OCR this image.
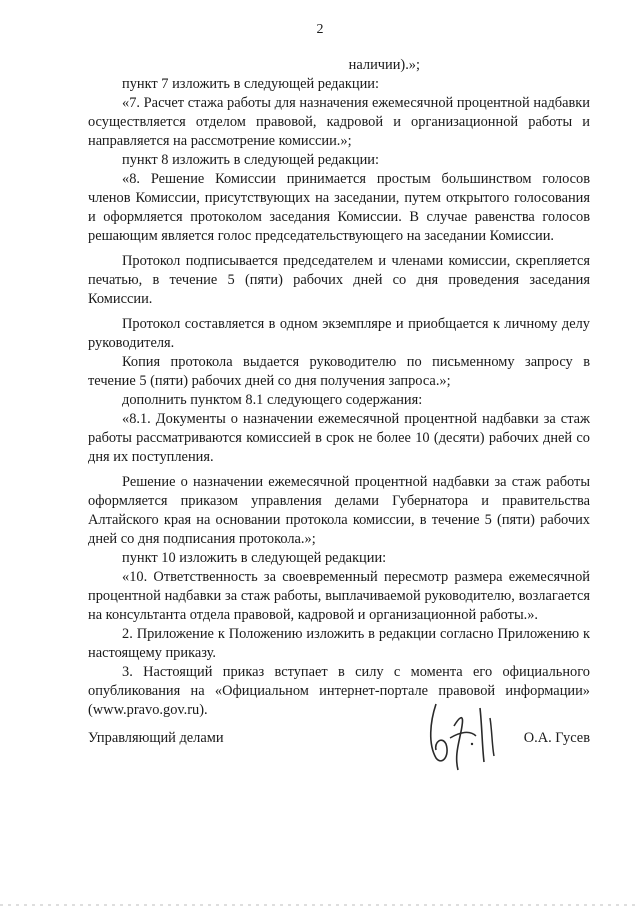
2

наличии).»;

пункт 7 изложить в следующей редакции:

«7. Расчет стажа работы для назначения ежемесячной процентной надбавки осуществляется отделом правовой, кадровой и организационной работы и направляется на рассмотрение комиссии.»;

пункт 8 изложить в следующей редакции:

«8. Решение Комиссии принимается простым большинством голосов членов Комиссии, присутствующих на заседании, путем открытого голосования и оформляется протоколом заседания Комиссии. В случае равенства голосов решающим является голос председательствующего на заседании Комиссии.

Протокол подписывается председателем и членами комиссии, скрепляется печатью, в течение 5 (пяти) рабочих дней со дня проведения заседания Комиссии.

Протокол составляется в одном экземпляре и приобщается к личному делу руководителя.

Копия протокола выдается руководителю по письменному запросу в течение 5 (пяти) рабочих дней со дня получения запроса.»;

дополнить пунктом 8.1 следующего содержания:

«8.1. Документы о назначении ежемесячной процентной надбавки за стаж работы рассматриваются комиссией в срок не более 10 (десяти) рабочих дней со дня их поступления.

Решение о назначении ежемесячной процентной надбавки за стаж работы оформляется приказом управления делами Губернатора и правительства Алтайского края на основании протокола комиссии, в течение 5 (пяти) рабочих дней со дня подписания протокола.»;

пункт 10 изложить в следующей редакции:

«10. Ответственность за своевременный пересмотр размера ежемесячной процентной надбавки за стаж работы, выплачиваемой руководителю, возлагается на консультанта отдела правовой, кадровой и организационной работы.».

2. Приложение к Положению изложить в редакции согласно Приложению к настоящему приказу.

3. Настоящий приказ вступает в силу с момента его официального опубликования на «Официальном интернет-портале правовой информации» (www.pravo.gov.ru).

Управляющий делами	О.А. Гусев
